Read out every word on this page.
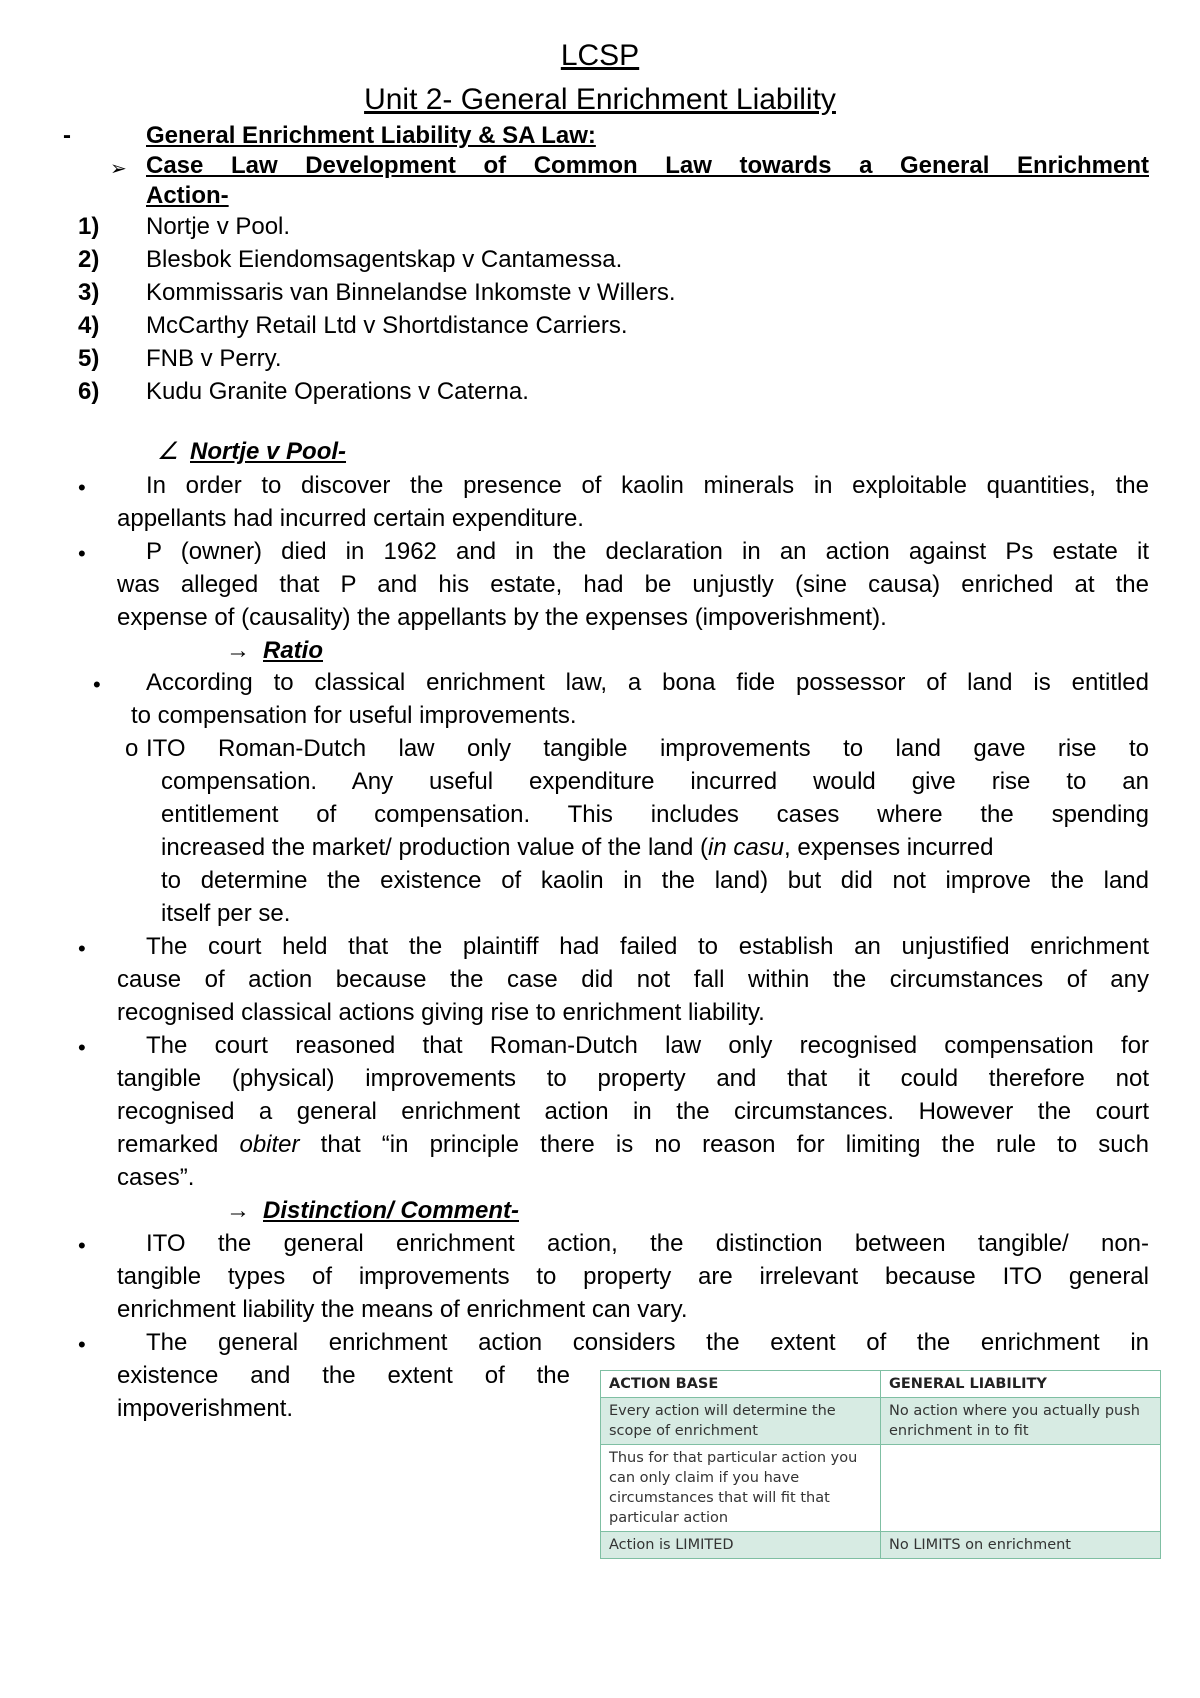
LCSP
Unit 2- General Enrichment Liability
-	General Enrichment Liability & SA Law:
➢ Case Law Development of Common Law towards a General Enrichment
Action-
1) Nortje v Pool.
2) Blesbok Eiendomsagentskap v Cantamessa.
3) Kommissaris van Binnelandse Inkomste v Willers.
4) McCarthy Retail Ltd v Shortdistance Carriers.
5) FNB v Perry.
6) Kudu Granite Operations v Caterna.
∠ Nortje v Pool-
•	In order to discover the presence of kaolin minerals in exploitable quantities, the
appellants had incurred certain expenditure.
•	P (owner) died in 1962 and in the declaration in an action against Ps estate it
was alleged that P and his estate, had be unjustly (sine causa) enriched at the
expense of (causality) the appellants by the expenses (impoverishment).
→ Ratio
• According to classical enrichment law, a bona fide possessor of land is entitled
to compensation for useful improvements.
o ITO Roman-Dutch law only tangible improvements to land gave rise to
compensation. Any useful expenditure incurred would give rise to an
entitlement of compensation. This includes cases where the spending
increased the market/ production value of the land (in casu, expenses incurred
to determine the existence of kaolin in the land) but did not improve the land
itself per se.
•	The court held that the plaintiff had failed to establish an unjustified enrichment
cause of action because the case did not fall within the circumstances of any
recognised classical actions giving rise to enrichment liability.
•	The court reasoned that Roman-Dutch law only recognised compensation for
tangible (physical) improvements to property and that it could therefore not
recognised a general enrichment action in the circumstances. However the court
remarked obiter that “in principle there is no reason for limiting the rule to such
cases”.
→ Distinction/ Comment-
•	ITO the general enrichment action, the distinction between tangible/ non-
tangible types of improvements to property are irrelevant because ITO general
enrichment liability the means of enrichment can vary.
•	The general enrichment action considers the extent of the enrichment in
existence and the extent of the
impoverishment.
ACTION BASE	GENERAL LIABILITY
Every action will determine the scope of enrichment	No action where you actually push enrichment in to fit
Thus for that particular action you can only claim if you have circumstances that will fit that particular action	
Action is LIMITED	No LIMITS on enrichment
